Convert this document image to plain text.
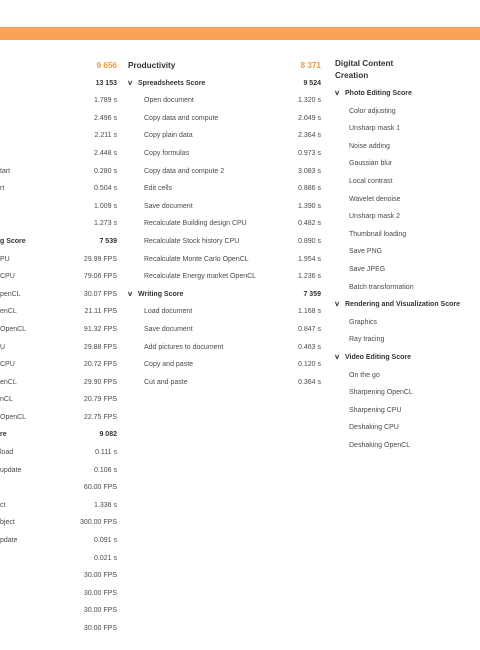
9 656
13 153
1.789 s
2.496 s
2.211 s
2.448 s
tart	0.280 s
rt	0.504 s
1.009 s
1.273 s
g Score	7 539
PU	29.99 FPS
CPU	79.06 FPS
penCL	30.07 FPS
enCL	21.11 FPS
OpenCL	91.32 FPS
U	29.88 FPS
CPU	20.72 FPS
enCL	29.90 FPS
nCL	20.79 FPS
OpenCL	22.75 FPS
re	9 082
load	0.111 s
update	0.106 s
60.00 FPS
ct	1.336 s
bject	300.00 FPS
pdate	0.091 s
0.021 s
30.00 FPS
30.00 FPS
30.00 FPS
30.00 FPS
Productivity	8 371
∨ Spreadsheets Score	9 524
Open document	1.320 s
Copy data and compute	2.049 s
Copy plain data	2.364 s
Copy formulas	0.973 s
Copy data and compute 2	3.083 s
Edit cells	0.886 s
Save document	1.390 s
Recalculate Building design CPU	0.482 s
Recalculate Stock history CPU	0.890 s
Recalculate Monte Carlo OpenCL	1.954 s
Recalculate Energy market OpenCL	1.236 s
∨ Writing Score	7 359
Load document	1.168 s
Save document	0.847 s
Add pictures to document	0.463 s
Copy and paste	0.120 s
Cut and paste	0.364 s
Digital Content
Creation
∨ Photo Editing Score
Color adjusting
Unsharp mask 1
Noise adding
Gaussian blur
Local contrast
Wavelet denoise
Unsharp mask 2
Thumbnail loading
Save PNG
Save JPEG
Batch transformation
∨ Rendering and Visualization Score
Graphics
Ray tracing
∨ Video Editing Score
On the go
Sharpening OpenCL
Sharpening CPU
Deshaking CPU
Deshaking OpenCL
